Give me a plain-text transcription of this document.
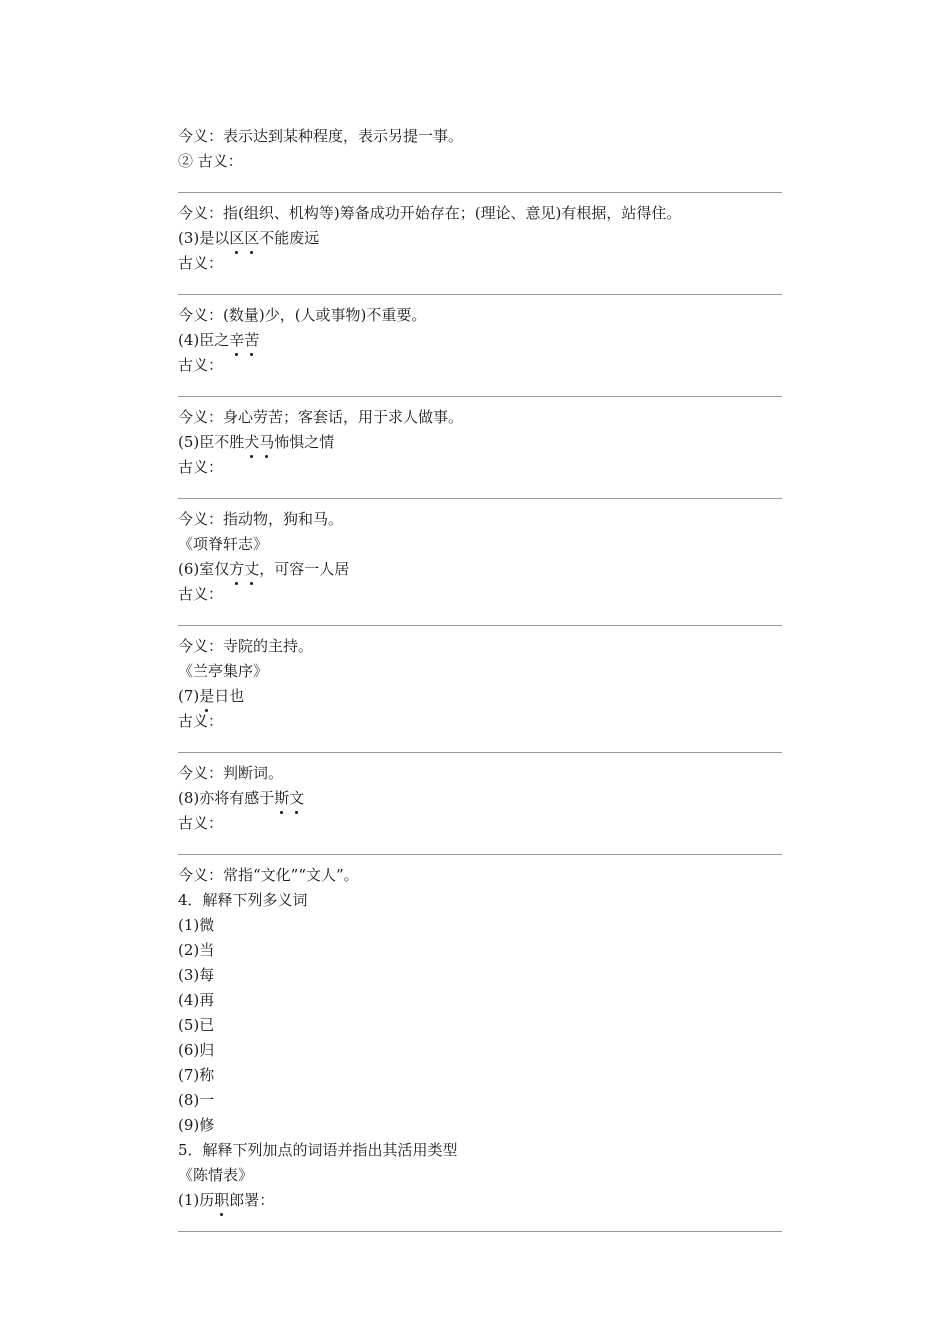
今义：表示达到某种程度，表示另提一事。
② 古义：
今义：指(组织、机构等)筹备成功开始存在；(理论、意见)有根据，站得住。
(3)是以区区不能废远
古义：
今义：(数量)少，(人或事物)不重要。
(4)臣之辛苦
古义：
今义：身心劳苦；客套话，用于求人做事。
(5)臣不胜犬马怖惧之情
古义：
今义：指动物，狗和马。
《项脊轩志》
(6)室仅方丈，可容一人居
古义：
今义：寺院的主持。
《兰亭集序》
(7)是日也
古义：
今义：判断词。
(8)亦将有感于斯文
古义：
今义：常指“文化”“文人”。
4．解释下列多义词
(1)微
(2)当
(3)每
(4)再
(5)已
(6)归
(7)称
(8)一
(9)修
5．解释下列加点的词语并指出其活用类型
《陈情表》
(1)历职郎署：
